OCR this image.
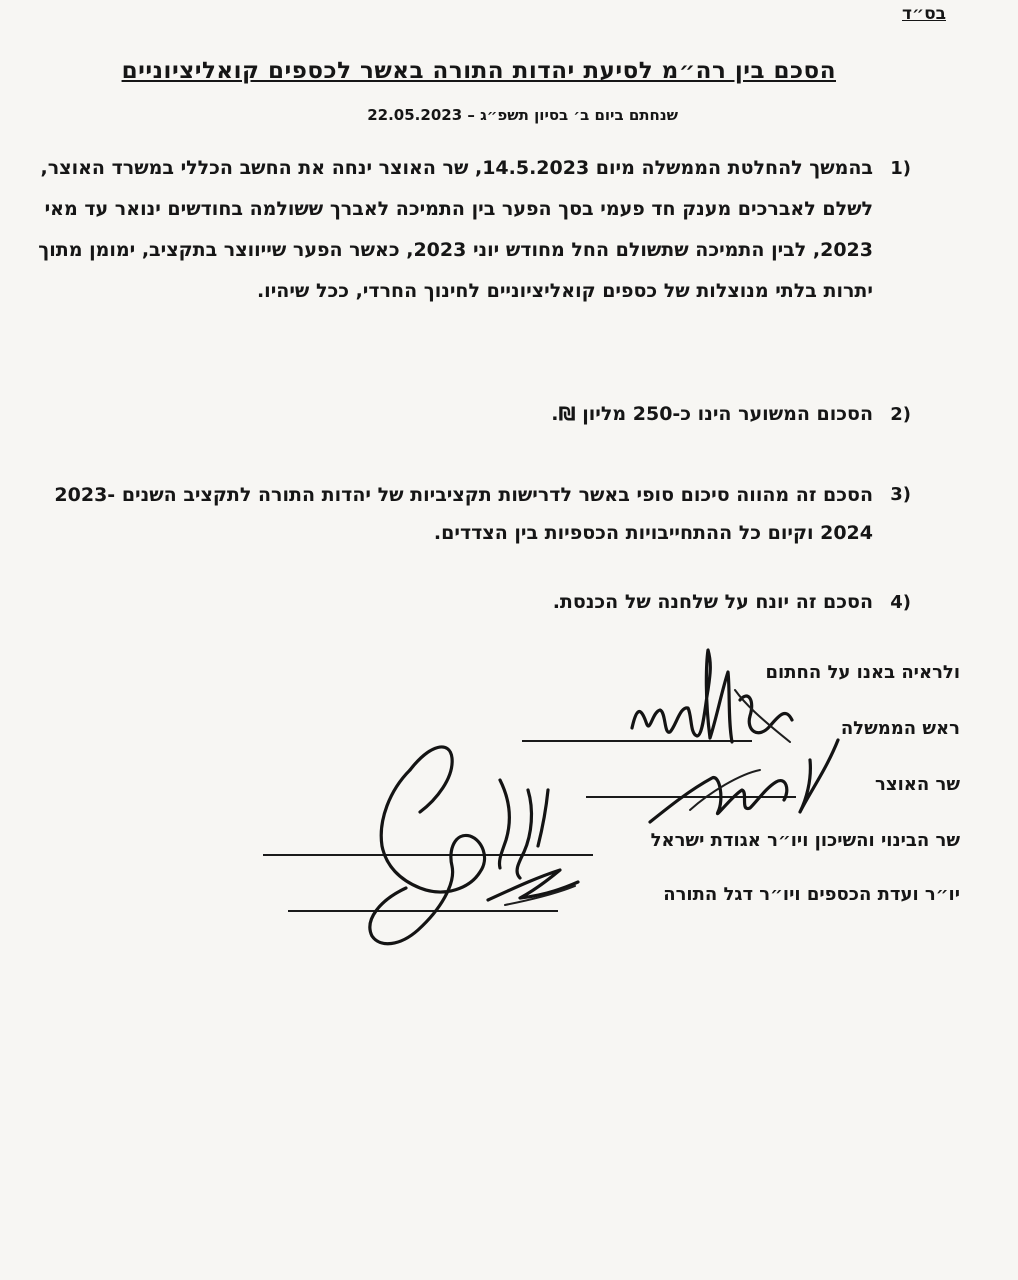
בס״ד
הסכם בין רה״מ לסיעת יהדות התורה באשר לכספים קואליציוניים
שנחתם ביום ב׳ בסיון תשפ״ג – 22.05.2023
1)
בהמשך להחלטת הממשלה מיום 14.5.2023, שר האוצר ינחה את החשב הכללי במשרד האוצר, לשלם לאברכים מענק חד פעמי בסך הפער בין התמיכה לאברך ששולמה בחודשים ינואר עד מאי 2023, לבין התמיכה שתשולם החל מחודש יוני 2023, כאשר הפער שייווצר בתקציב, ימומן מתוך יתרות בלתי מנוצלות של כספים קואליציוניים לחינוך החרדי, ככל שיהיו.
2)
הסכום המשוער הינו כ-250 מליון ₪.
3)
הסכם זה מהווה סיכום סופי באשר לדרישות תקציביות של יהדות התורה לתקציב השנים 2023-2024 וקיום כל ההתחייבויות הכספיות בין הצדדים.
4)
הסכם זה יונח על שלחנה של הכנסת.
ולראיה באנו על החתום
ראש הממשלה
שר האוצר
שר הבינוי והשיכון ויו״ר אגודת ישראל
יו״ר ועדת הכספים ויו״ר דגל התורה
